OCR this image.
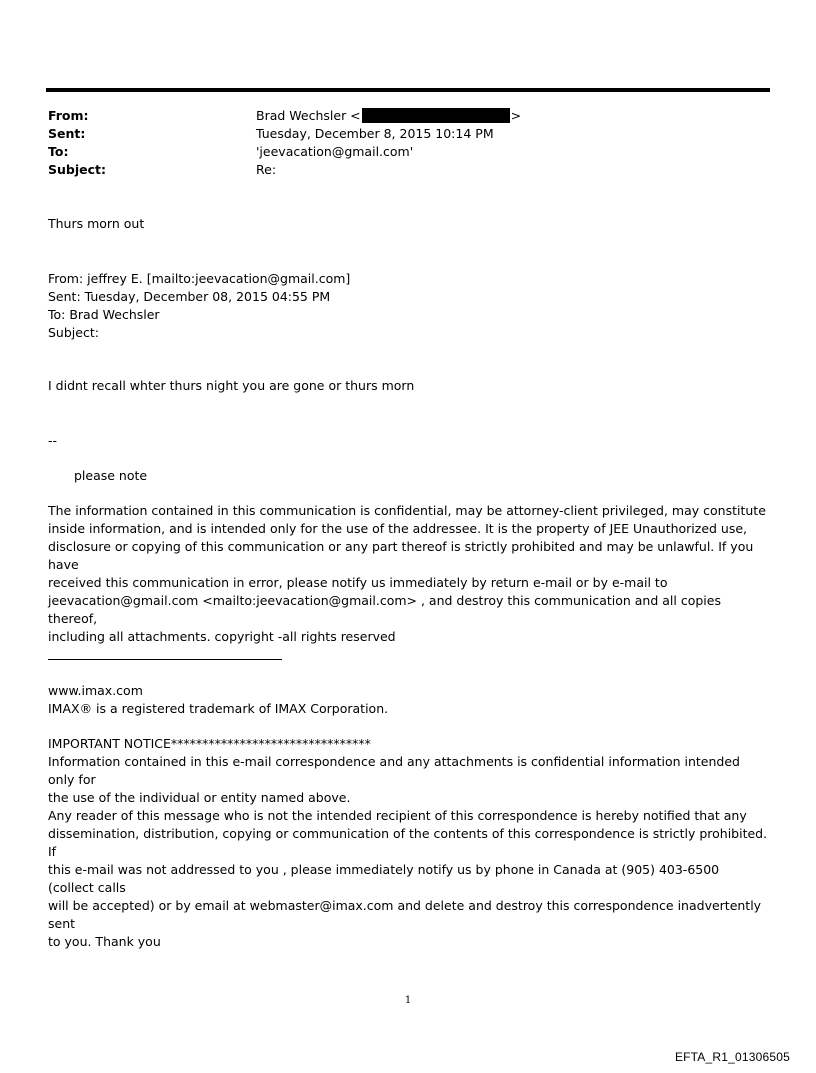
From:	Brad Wechsler <	>
Sent:	Tuesday, December 8, 2015 10:14 PM
To:	'jeevacation@gmail.com'
Subject:	Re:
Thurs morn out
From: jeffrey E. [mailto:jeevacation@gmail.com]
Sent: Tuesday, December 08, 2015 04:55 PM
To: Brad Wechsler
Subject:
I didnt recall whter thurs night you are gone or thurs morn
--
please note
The information contained in this communication is confidential, may be attorney-client privileged, may constitute
inside information, and is intended only for the use of the addressee. It is the property of JEE Unauthorized use,
disclosure or copying of this communication or any part thereof is strictly prohibited and may be unlawful. If you have
received this communication in error, please notify us immediately by return e-mail or by e-mail to
jeevacation@gmail.com <mailto:jeevacation@gmail.com> , and destroy this communication and all copies thereof,
including all attachments. copyright -all rights reserved
www.imax.com
IMAX® is a registered trademark of IMAX Corporation.
IMPORTANT NOTICE********************************
Information contained in this e-mail correspondence and any attachments is confidential information intended only for
the use of the individual or entity named above.
Any reader of this message who is not the intended recipient of this correspondence is hereby notified that any
dissemination, distribution, copying or communication of the contents of this correspondence is strictly prohibited. If
this e-mail was not addressed to you , please immediately notify us by phone in Canada at (905) 403-6500 (collect calls
will be accepted) or by email at webmaster@imax.com and delete and destroy this correspondence inadvertently sent
to you. Thank you
1
EFTA_R1_01306505
